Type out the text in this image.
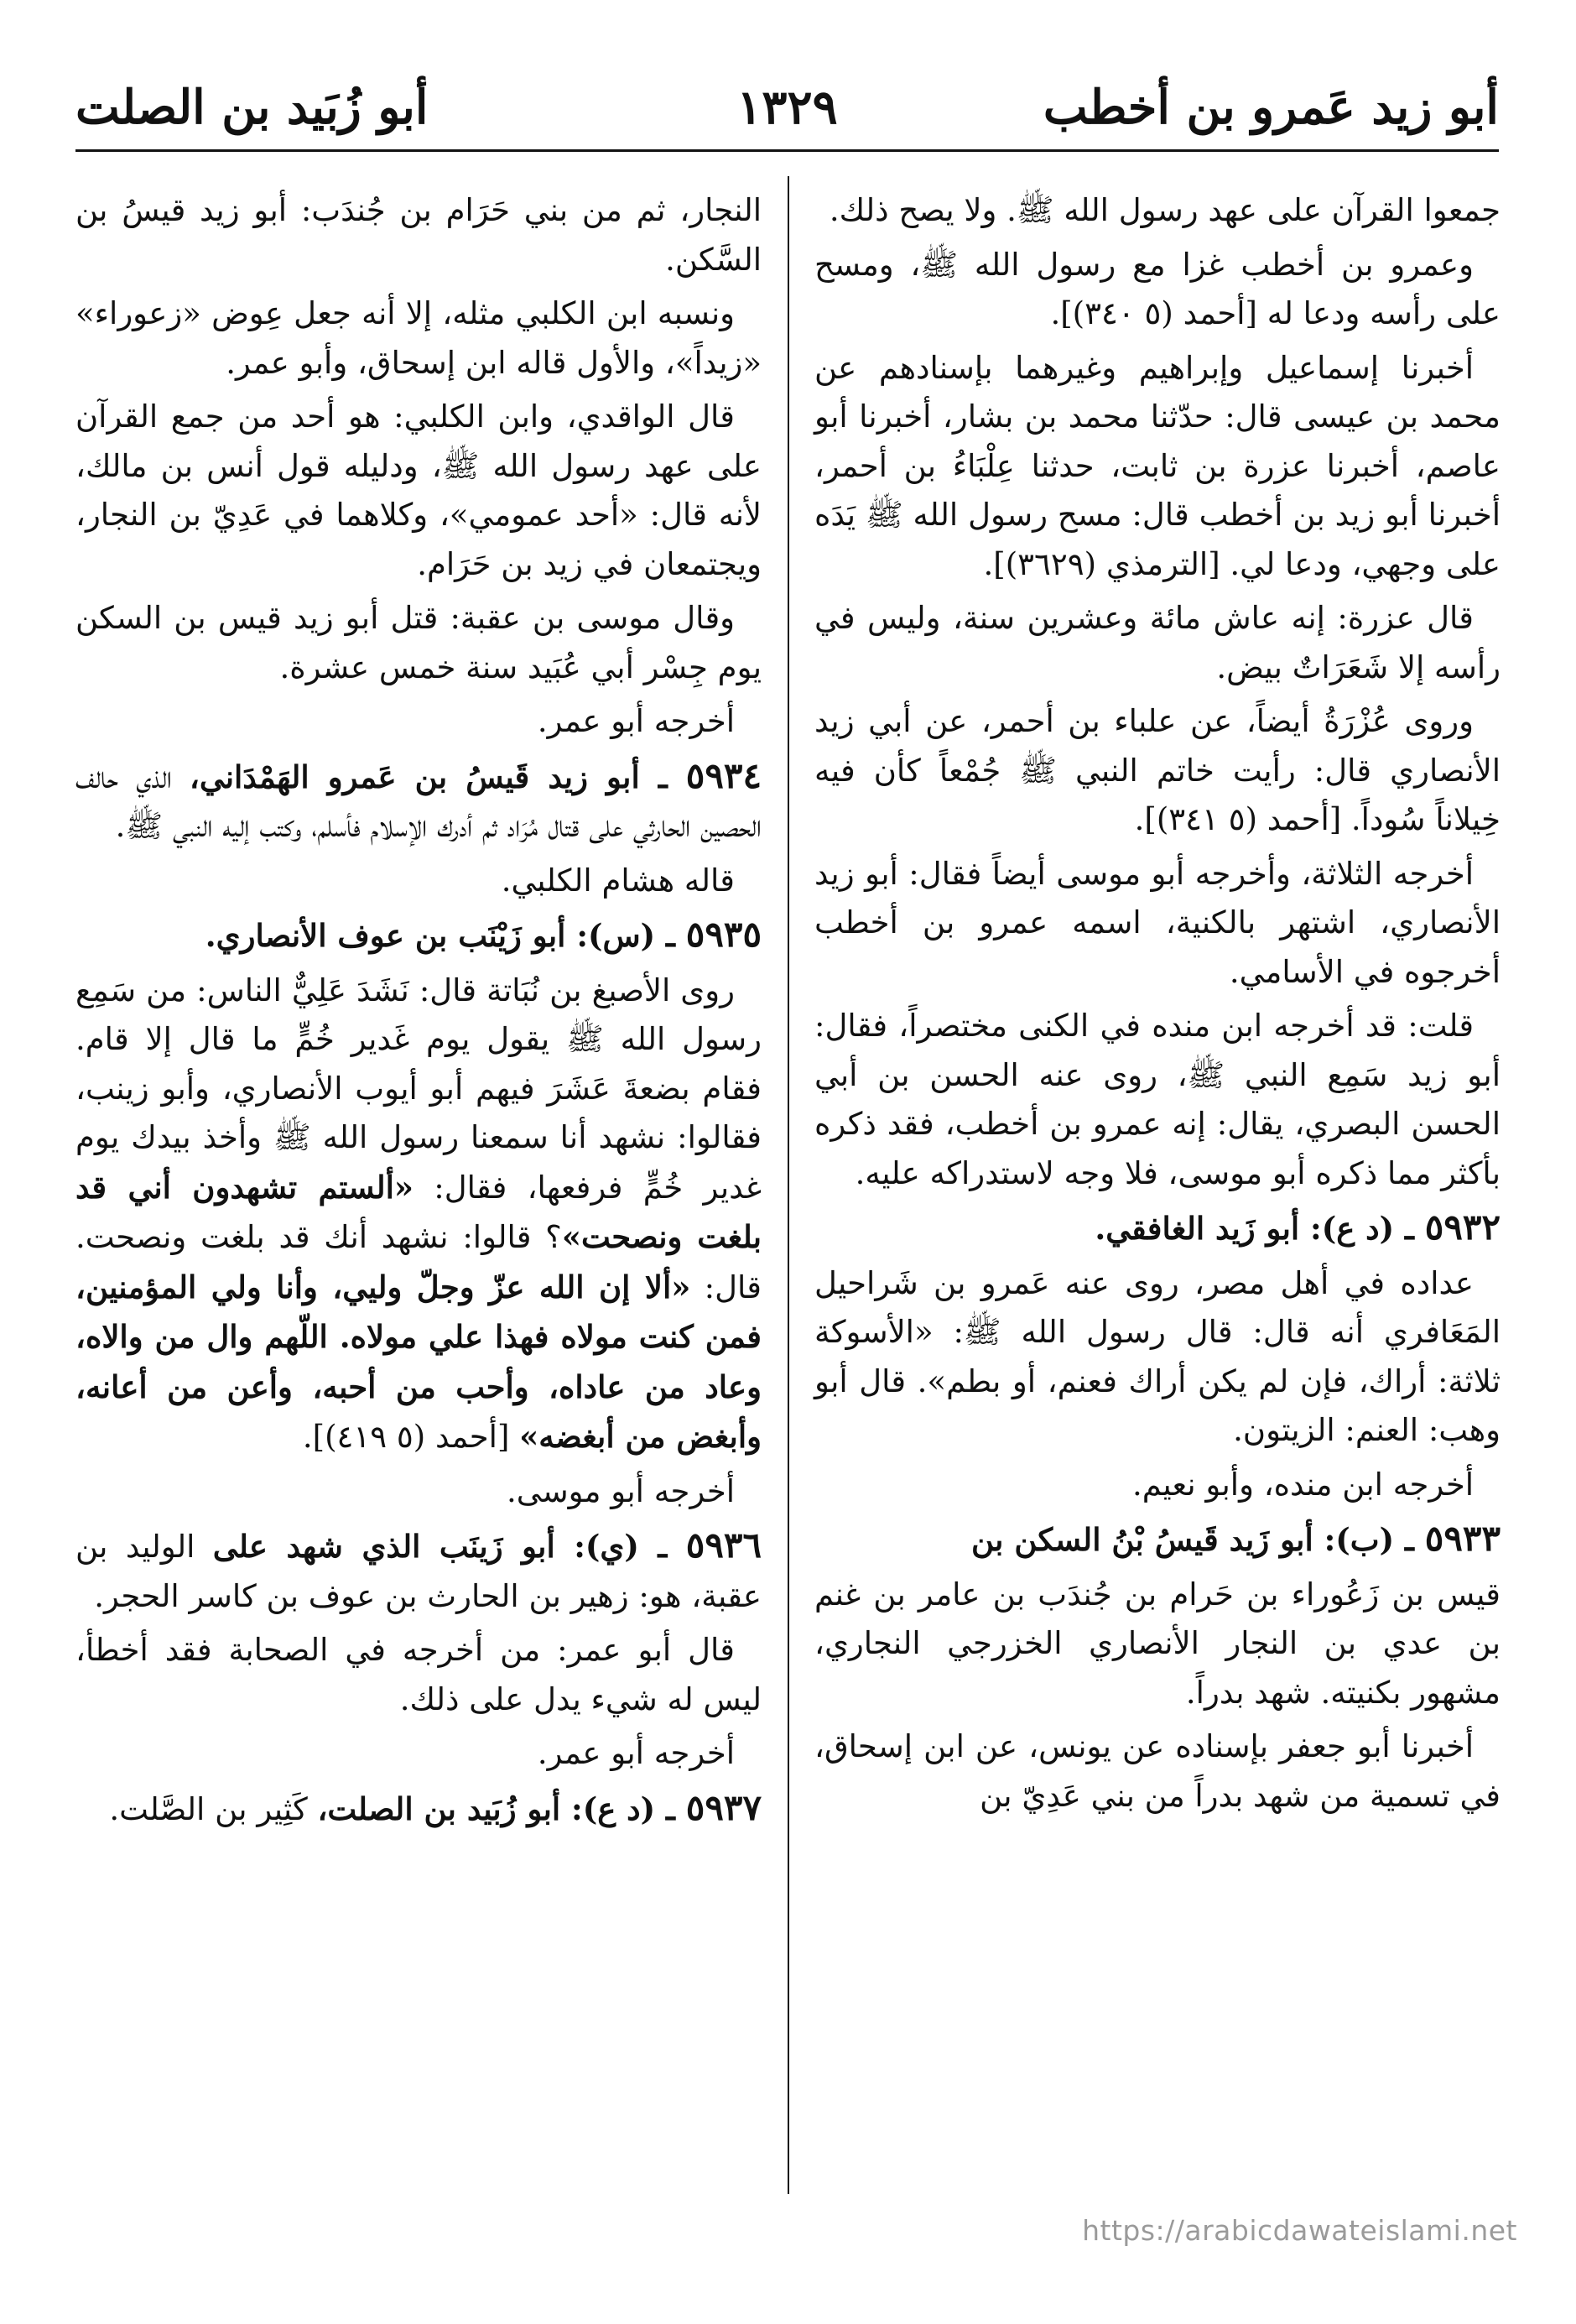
أبو زيد عَمرو بن أخطب
١٣٢٩
أبو زُبَيد بن الصلت

جمعوا القرآن على عهد رسول الله ﷺ. ولا يصح ذلك.

وعمرو بن أخطب غزا مع رسول الله ﷺ، ومسح على رأسه ودعا له [أحمد (٥ ٣٤٠)].

أخبرنا إسماعيل وإبراهيم وغيرهما بإسنادهم عن محمد بن عيسى قال: حدّثنا محمد بن بشار، أخبرنا أبو عاصم، أخبرنا عزرة بن ثابت، حدثنا عِلْبَاءُ بن أحمر، أخبرنا أبو زيد بن أخطب قال: مسح رسول الله ﷺ يَدَه على وجهي، ودعا لي. [الترمذي (٣٦٢٩)].

قال عزرة: إنه عاش مائة وعشرين سنة، وليس في رأسه إلا شَعَرَاتٌ بيض.

وروى عُزْرَةُ أيضاً، عن علباء بن أحمر، عن أبي زيد الأنصاري قال: رأيت خاتم النبي ﷺ جُمْعاً كأن فيه خِيلاناً سُوداً. [أحمد (٥ ٣٤١)].

أخرجه الثلاثة، وأخرجه أبو موسى أيضاً فقال: أبو زيد الأنصاري، اشتهر بالكنية، اسمه عمرو بن أخطب أخرجوه في الأسامي.

قلت: قد أخرجه ابن منده في الكنى مختصراً، فقال: أبو زيد سَمِع النبي ﷺ، روى عنه الحسن بن أبي الحسن البصري، يقال: إنه عمرو بن أخطب، فقد ذكره بأكثر مما ذكره أبو موسى، فلا وجه لاستدراكه عليه.

٥٩٣٢ ـ (د ع): أبو زَيد الغافقي.

عداده في أهل مصر، روى عنه عَمرو بن شَراحيل المَعَافري أنه قال: قال رسول الله ﷺ: «الأسوكة ثلاثة: أراك، فإن لم يكن أراك فعنم، أو بطم». قال أبو وهب: العنم: الزيتون.

أخرجه ابن منده، وأبو نعيم.

٥٩٣٣ ـ (ب): أبو زَيد قَيسُ بْنُ السكن بن

قيس بن زَعُوراء بن حَرام بن جُندَب بن عامر بن غنم بن عدي بن النجار الأنصاري الخزرجي النجاري، مشهور بكنيته. شهد بدراً.

أخبرنا أبو جعفر بإسناده عن يونس، عن ابن إسحاق، في تسمية من شهد بدراً من بني عَدِيّ بن

النجار، ثم من بني حَرَام بن جُندَب: أبو زيد قيسُ بن السَّكن.

ونسبه ابن الكلبي مثله، إلا أنه جعل عِوض «زعوراء» «زيداً»، والأول قاله ابن إسحاق، وأبو عمر.

قال الواقدي، وابن الكلبي: هو أحد من جمع القرآن على عهد رسول الله ﷺ، ودليله قول أنس بن مالك، لأنه قال: «أحد عمومي»، وكلاهما في عَدِيّ بن النجار، ويجتمعان في زيد بن حَرَام.

وقال موسى بن عقبة: قتل أبو زيد قيس بن السكن يوم جِسْر أبي عُبَيد سنة خمس عشرة.

أخرجه أبو عمر.

٥٩٣٤ ـ أبو زيد قَيسُ بن عَمرو الهَمْدَاني، الذي حالف الحصين الحارثي على قتال مُرَاد ثم أدرك الإسلام فأسلم، وكتب إليه النبي ﷺ.

قاله هشام الكلبي.

٥٩٣٥ ـ (س): أبو زَيْنَب بن عوف الأنصاري.

روى الأصبغ بن نُبَاتة قال: نَشَدَ عَلِيٌّ الناس: من سَمِع رسول الله ﷺ يقول يوم غَدير خُمٍّ ما قال إلا قام. فقام بضعةَ عَشَرَ فيهم أبو أيوب الأنصاري، وأبو زينب، فقالوا: نشهد أنا سمعنا رسول الله ﷺ وأخذ بيدك يوم غدير خُمٍّ فرفعها، فقال: «ألستم تشهدون أني قد بلغت ونصحت»؟ قالوا: نشهد أنك قد بلغت ونصحت. قال: «ألا إن الله عزّ وجلّ وليي، وأنا ولي المؤمنين، فمن كنت مولاه فهذا علي مولاه. اللّهم وال من والاه، وعاد من عاداه، وأحب من أحبه، وأعن من أعانه، وأبغض من أبغضه» [أحمد (٥ ٤١٩)].

أخرجه أبو موسى.

٥٩٣٦ ـ (ي): أبو زَينَب الذي شهد على الوليد بن عقبة، هو: زهير بن الحارث بن عوف بن كاسر الحجر.

قال أبو عمر: من أخرجه في الصحابة فقد أخطأ، ليس له شيء يدل على ذلك.

أخرجه أبو عمر.

٥٩٣٧ ـ (د ع): أبو زُبَيد بن الصلت، كَثِير بن الصَّلت.

https://arabicdawateislami.net
